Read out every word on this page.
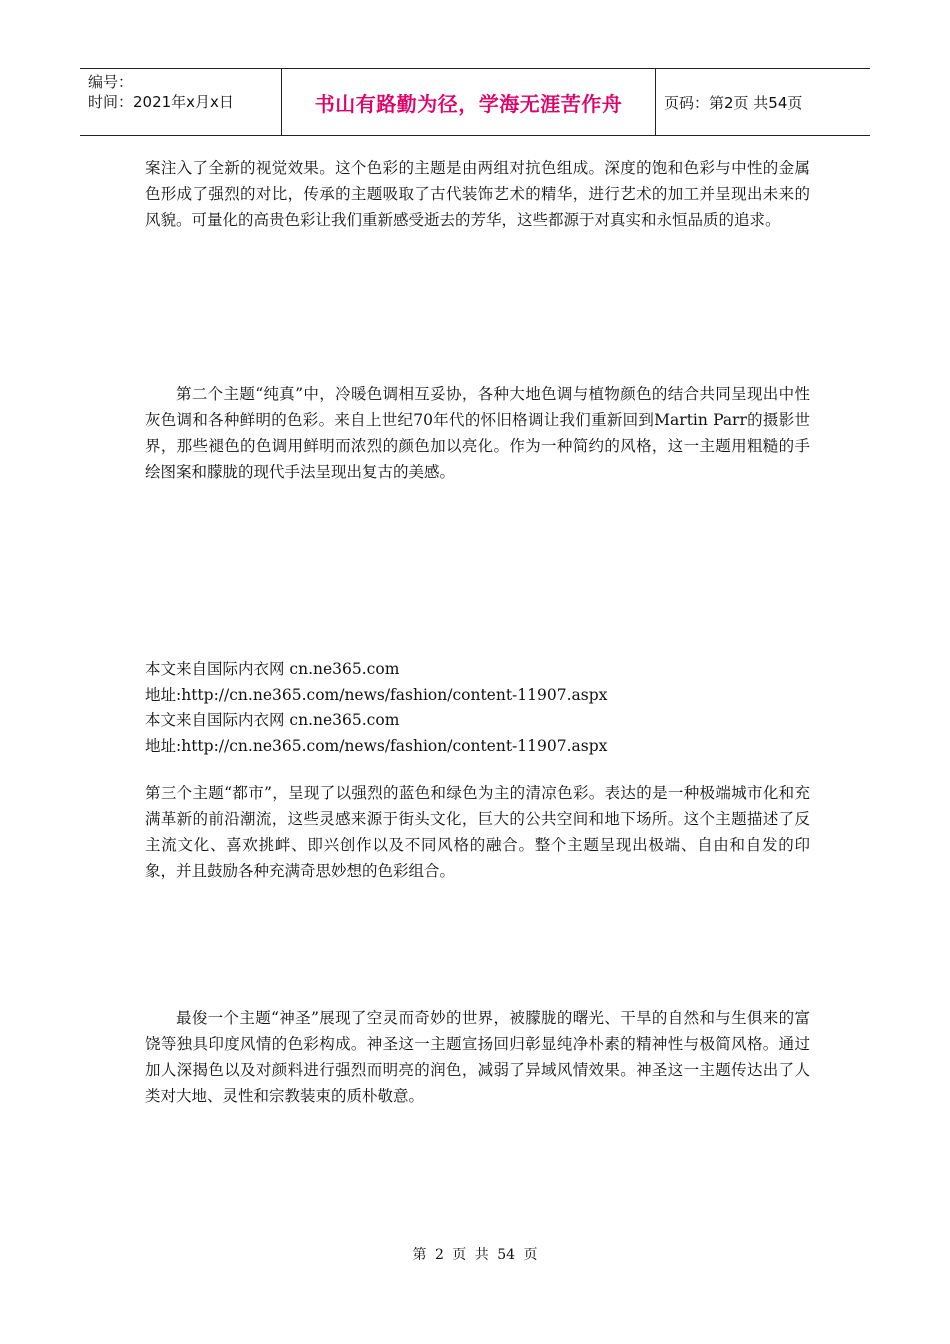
编号：
时间：2021年x月x日	书山有路勤为径，学海无涯苦作舟	页码：第2页 共54页

案注入了全新的视觉效果。这个色彩的主题是由两组对抗色组成。深度的饱和色彩与中性的金属色形成了强烈的对比，传承的主题吸取了古代装饰艺术的精华，进行艺术的加工并呈现出未来的风貌。可量化的高贵色彩让我们重新感受逝去的芳华，这些都源于对真实和永恒品质的追求。

第二个主题“纯真”中，冷暖色调相互妥协，各种大地色调与植物颜色的结合共同呈现出中性灰色调和各种鲜明的色彩。来自上世纪70年代的怀旧格调让我们重新回到Martin Parr的摄影世界，那些褪色的色调用鲜明而浓烈的颜色加以亮化。作为一种简约的风格，这一主题用粗糙的手绘图案和朦胧的现代手法呈现出复古的美感。

本文来自国际内衣网 cn.ne365.com
地址:http://cn.ne365.com/news/fashion/content-11907.aspx
本文来自国际内衣网 cn.ne365.com
地址:http://cn.ne365.com/news/fashion/content-11907.aspx

第三个主题“都市”，呈现了以强烈的蓝色和绿色为主的清凉色彩。表达的是一种极端城市化和充满革新的前沿潮流，这些灵感来源于街头文化，巨大的公共空间和地下场所。这个主题描述了反主流文化、喜欢挑衅、即兴创作以及不同风格的融合。整个主题呈现出极端、自由和自发的印象，并且鼓励各种充满奇思妙想的色彩组合。

最俊一个主题“神圣”展现了空灵而奇妙的世界，被朦胧的曙光、干旱的自然和与生俱来的富饶等独具印度风情的色彩构成。神圣这一主题宣扬回归彰显纯净朴素的精神性与极简风格。通过加人深揭色以及对颜料进行强烈而明亮的润色，减弱了异域风情效果。神圣这一主题传达出了人类对大地、灵性和宗教装束的质朴敬意。

第 2 页 共 54 页
